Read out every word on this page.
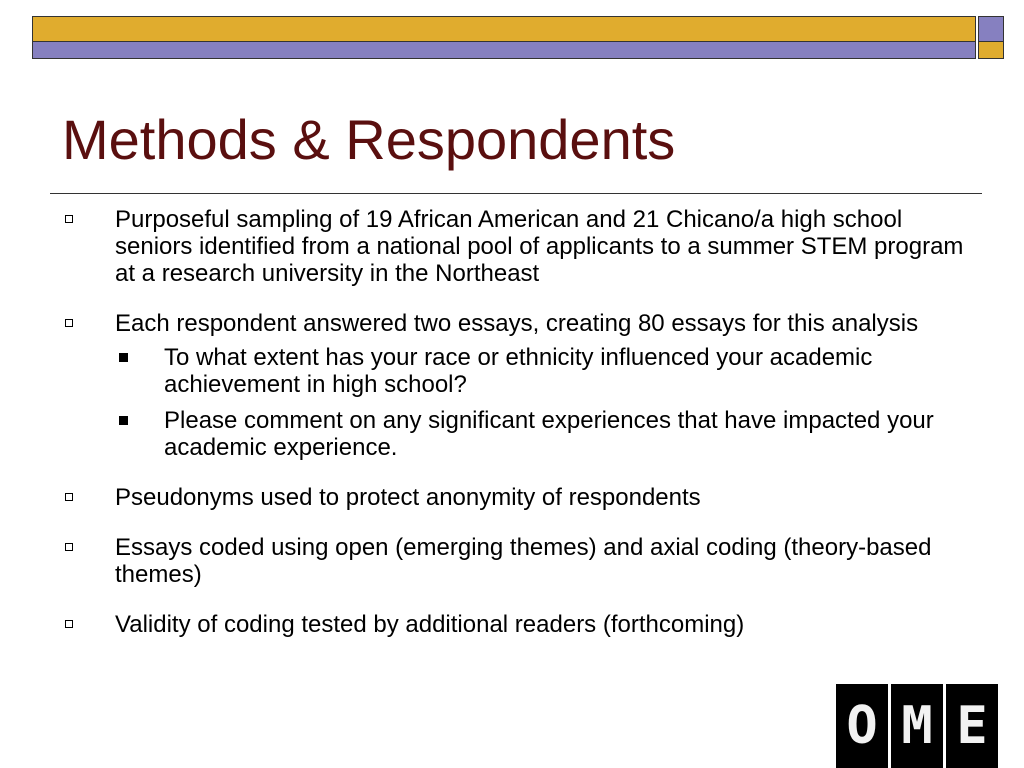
Methods & Respondents
Purposeful sampling of 19 African American and 21 Chicano/a high school seniors identified from a national pool of applicants to a summer STEM program at a research university in the Northeast
Each respondent answered two essays, creating 80 essays for this analysis
To what extent has your race or ethnicity influenced your academic achievement in high school?
Please comment on any significant experiences that have impacted your academic experience.
Pseudonyms used to protect anonymity of respondents
Essays coded using open (emerging themes) and axial coding (theory-based themes)
Validity of coding tested by additional readers (forthcoming)
O M E
